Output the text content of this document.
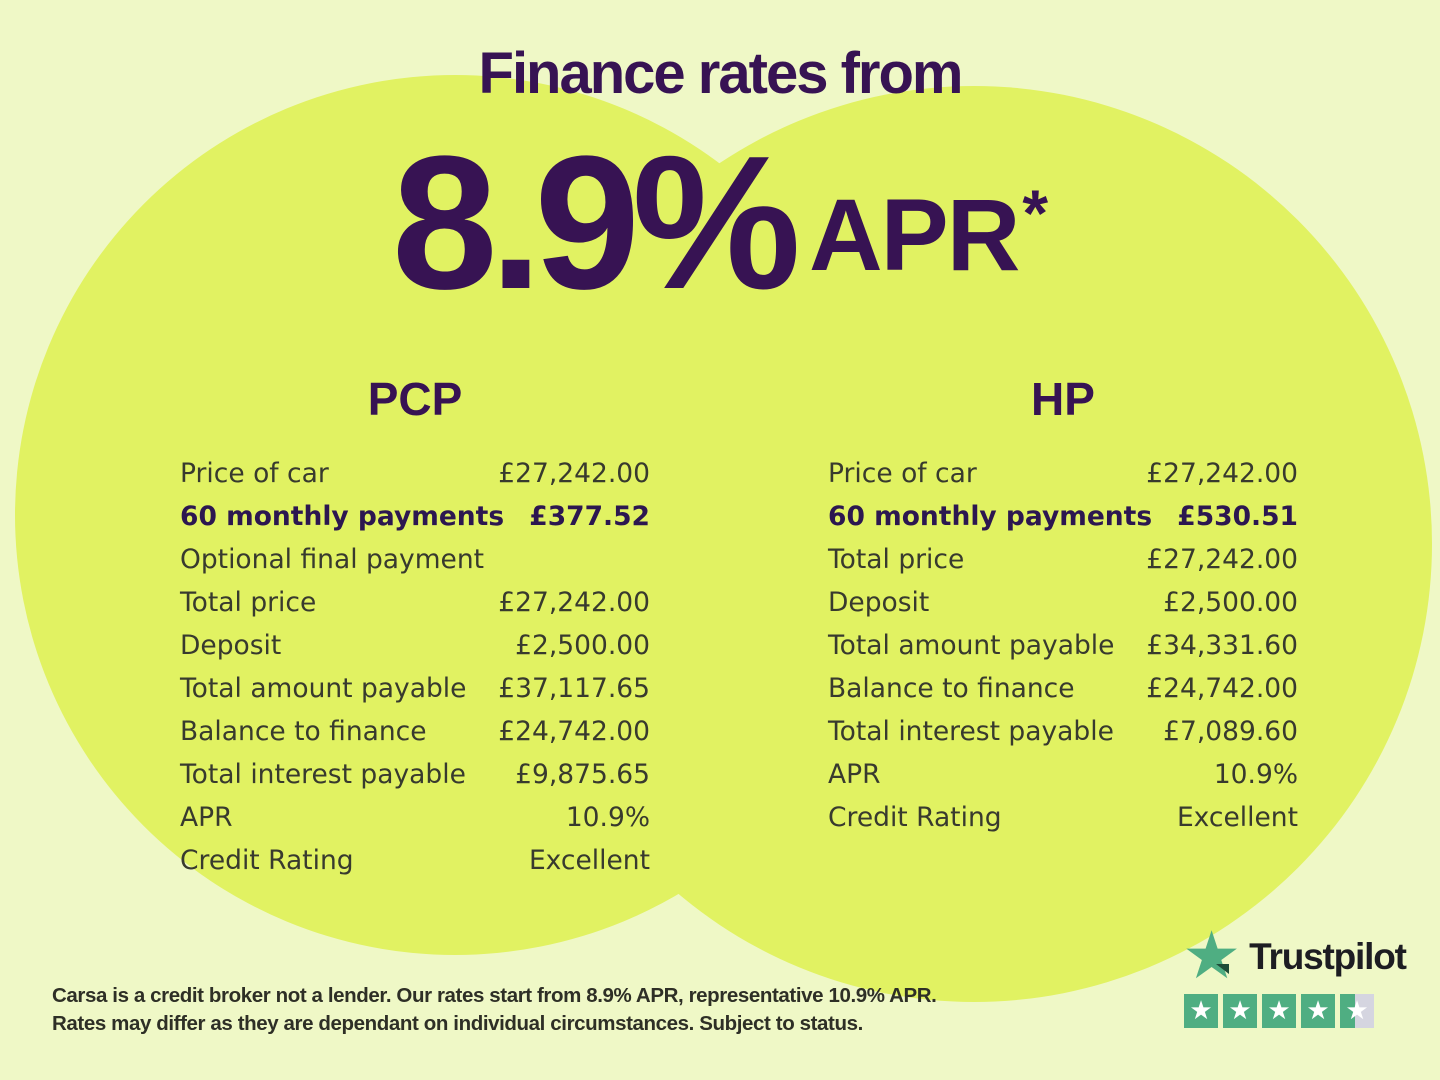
Finance rates from
8.9% APR *
PCP
Price of car	£27,242.00
60 monthly payments £377.52
Optional final payment
Total price	£27,242.00
Deposit	£2,500.00
Total amount payable £37,117.65
Balance to finance	£24,742.00
Total interest payable £9,875.65
APR	10.9%
Credit Rating	Excellent
HP
Price of car	£27,242.00
60 monthly payments £530.51
Total price	£27,242.00
Deposit	£2,500.00
Total amount payable £34,331.60
Balance to finance	£24,742.00
Total interest payable £7,089.60
APR	10.9%
Credit Rating	Excellent
Carsa is a credit broker not a lender. Our rates start from 8.9% APR, representative 10.9% APR.
Rates may differ as they are dependant on individual circumstances. Subject to status.
★ Trustpilot
★ ★ ★ ★ ★
